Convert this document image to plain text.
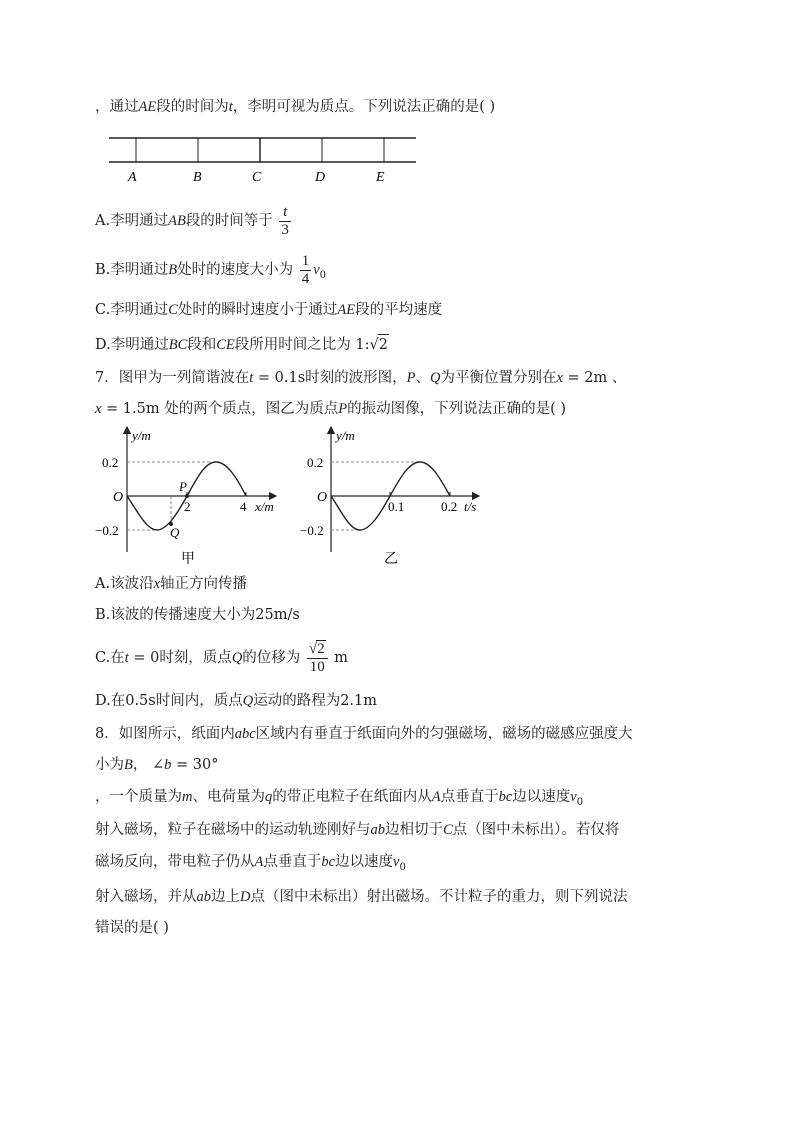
，通过AE段的时间为t，李明可视为质点。下列说法正确的是( )
A	B	C	D	E
A.李明通过AB段的时间等于 $\frac{t}{3}$
B.李明通过B处时的速度大小为 $\frac{1}{4} v_0$
C.李明通过C处时的瞬时速度小于通过AE段的平均速度
D.李明通过BC段和CE段所用时间之比为 1:√2
7．图甲为一列简谐波在t = 0.1s时刻的波形图，P、Q为平衡位置分别在x = 2m 、
x = 1.5m 处的两个质点，图乙为质点P的振动图像，下列说法正确的是( )
y/m
O
0.2
−0.2
2	4 x/m
P
Q
甲
y/m
O
0.2
−0.2
0.1	0.2 t/s
乙
A.该波沿x轴正方向传播
B.该波的传播速度大小为25m/s
C.在t = 0时刻，质点Q的位移为 $\frac{√2}{10}$ m
D.在0.5s时间内，质点Q运动的路程为2.1m
8．如图所示，纸面内abc区域内有垂直于纸面向外的匀强磁场，磁场的磁感应强度大
小为B， ∠b = 30°
，一个质量为m、电荷量为q的带正电粒子在纸面内从A点垂直于bc边以速度$v_0$
射入磁场，粒子在磁场中的运动轨迹刚好与ab边相切于C点（图中未标出）。若仅将
磁场反向，带电粒子仍从A点垂直于bc边以速度$v_0$
射入磁场，并从ab边上D点（图中未标出）射出磁场。不计粒子的重力，则下列说法
错误的是( )
